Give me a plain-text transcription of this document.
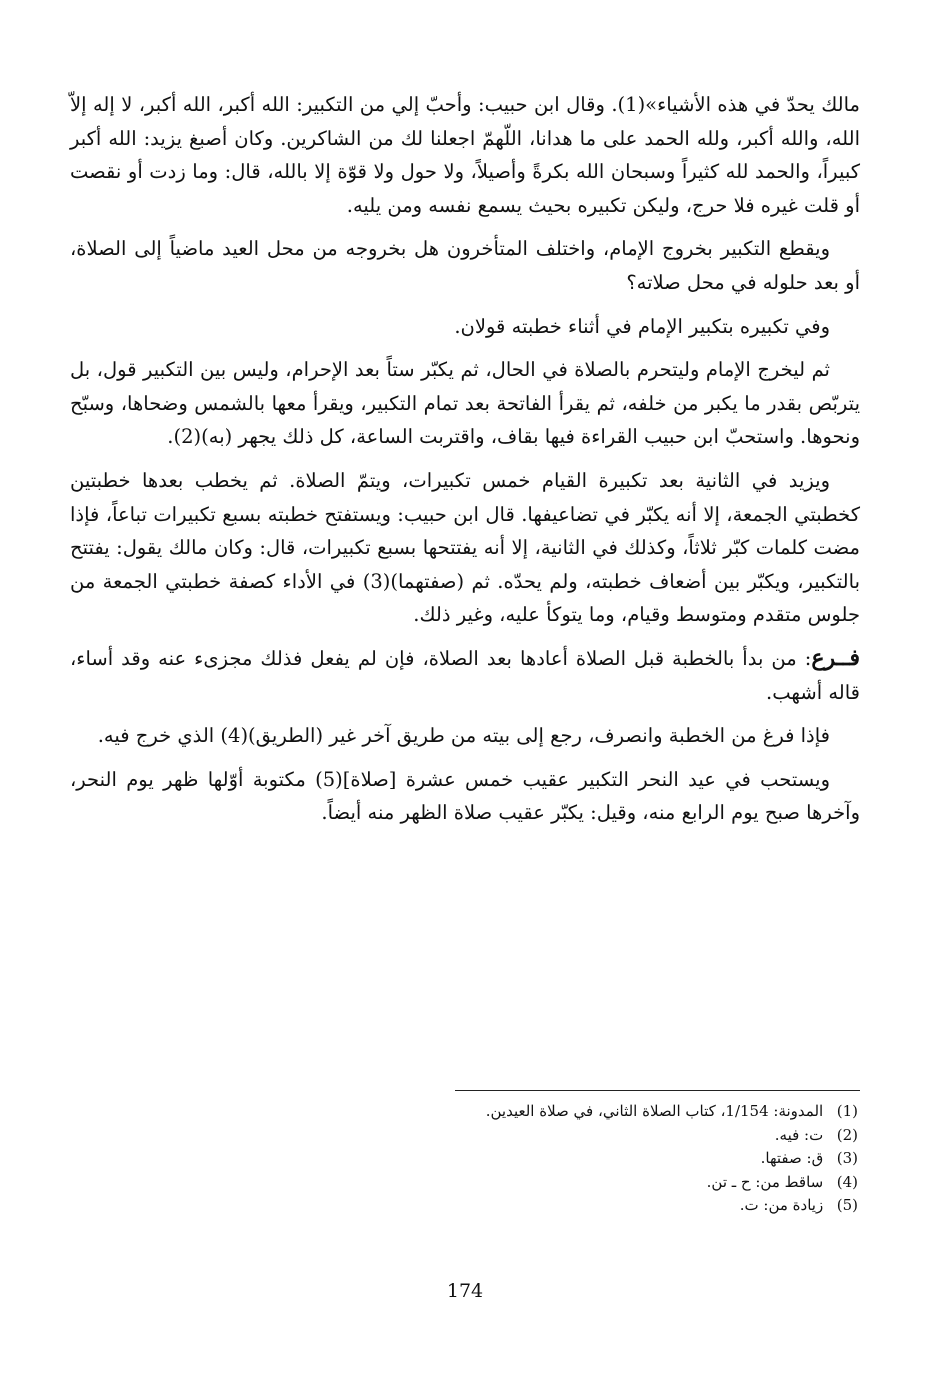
مالك يحدّ في هذه الأشياء»(1). وقال ابن حبيب: وأحبّ إلي من التكبير: الله أكبر، الله أكبر، لا إله إلاّ الله، والله أكبر، ولله الحمد على ما هدانا، اللّهمّ اجعلنا لك من الشاكرين. وكان أصبغ يزيد: الله أكبر كبيراً، والحمد لله كثيراً وسبحان الله بكرةً وأصيلاً، ولا حول ولا قوّة إلا بالله، قال: وما زدت أو نقصت أو قلت غيره فلا حرج، وليكن تكبيره بحيث يسمع نفسه ومن يليه.

ويقطع التكبير بخروج الإمام، واختلف المتأخرون هل بخروجه من محل العيد ماضياً إلى الصلاة، أو بعد حلوله في محل صلاته؟

وفي تكبيره بتكبير الإمام في أثناء خطبته قولان.

ثم ليخرج الإمام وليتحرم بالصلاة في الحال، ثم يكبّر ستاً بعد الإحرام، وليس بين التكبير قول، بل يتربّص بقدر ما يكبر من خلفه، ثم يقرأ الفاتحة بعد تمام التكبير، ويقرأ معها بالشمس وضحاها، وسبّح ونحوها. واستحبّ ابن حبيب القراءة فيها بقاف، واقتربت الساعة، كل ذلك يجهر (به)(2).

ويزيد في الثانية بعد تكبيرة القيام خمس تكبيرات، ويتمّ الصلاة. ثم يخطب بعدها خطبتين كخطبتي الجمعة، إلا أنه يكبّر في تضاعيفها. قال ابن حبيب: ويستفتح خطبته بسبع تكبيرات تباعاً، فإذا مضت كلمات كبّر ثلاثاً، وكذلك في الثانية، إلا أنه يفتتحها بسبع تكبيرات، قال: وكان مالك يقول: يفتتح بالتكبير، ويكبّر بين أضعاف خطبته، ولم يحدّه. ثم (صفتهما)(3) في الأداء كصفة خطبتي الجمعة من جلوس متقدم ومتوسط وقيام، وما يتوكأ عليه، وغير ذلك.

فــرع: من بدأ بالخطبة قبل الصلاة أعادها بعد الصلاة، فإن لم يفعل فذلك مجزىء عنه وقد أساء، قاله أشهب.

فإذا فرغ من الخطبة وانصرف، رجع إلى بيته من طريق آخر غير (الطريق)(4) الذي خرج فيه.

ويستحب في عيد النحر التكبير عقيب خمس عشرة [صلاة](5) مكتوبة أوّلها ظهر يوم النحر، وآخرها صبح يوم الرابع منه، وقيل: يكبّر عقيب صلاة الظهر منه أيضاً.

(1) المدونة: 1/154، كتاب الصلاة الثاني، في صلاة العيدين.
(2) ت: فيه.
(3) ق: صفتها.
(4) ساقط من: ح ـ تن.
(5) زيادة من: ت.
174
